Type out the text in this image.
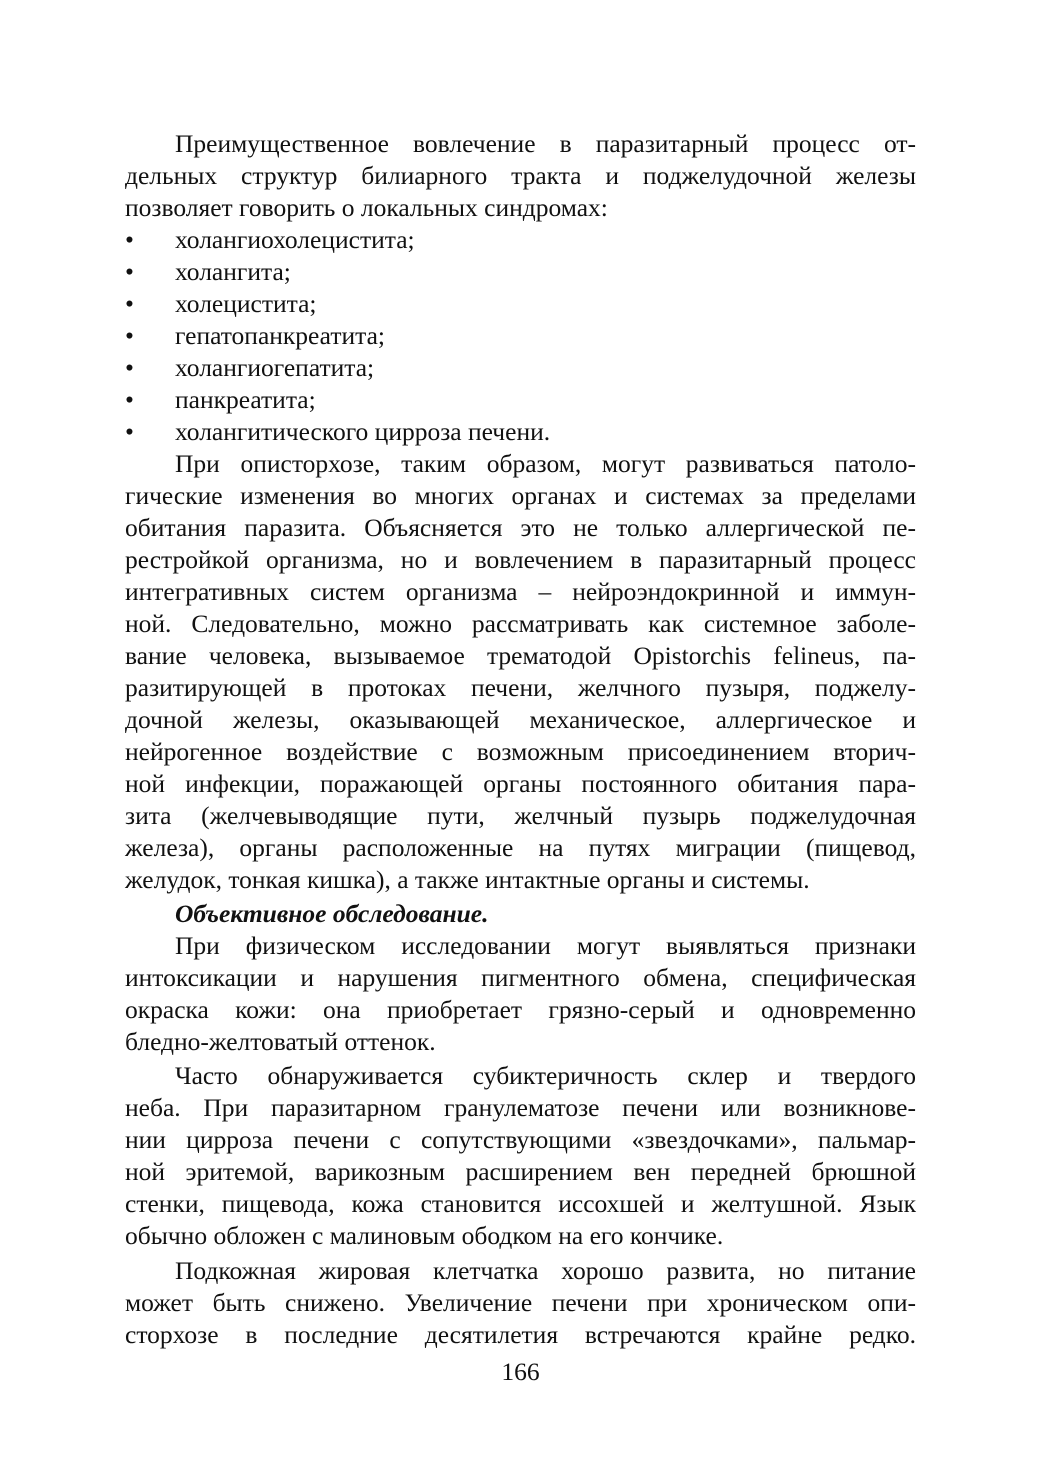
Преимущественное вовлечение в паразитарный процесс от-
дельных структур билиарного тракта и поджелудочной железы
позволяет говорить о локальных синдромах:
• холангиохолецистита;
• холангита;
• холецистита;
• гепатопанкреатита;
• холангиогепатита;
• панкреатита;
• холангитического цирроза печени.
При описторхозе, таким образом, могут развиваться патоло-
гические изменения во многих органах и системах за пределами
обитания паразита. Объясняется это не только аллергической пе-
рестройкой организма, но и вовлечением в паразитарный процесс
интегративных систем организма – нейроэндокринной и иммун-
ной. Следовательно, можно рассматривать как системное заболе-
вание человека, вызываемое трематодой Opistorchis felineus, па-
разитирующей в протоках печени, желчного пузыря, поджелу-
дочной железы, оказывающей механическое, аллергическое и
нейрогенное воздействие с возможным присоединением вторич-
ной инфекции, поражающей органы постоянного обитания пара-
зита (желчевыводящие пути, желчный пузырь поджелудочная
железа), органы расположенные на путях миграции (пищевод,
желудок, тонкая кишка), а также интактные органы и системы.
Объективное обследование.
При физическом исследовании могут выявляться признаки
интоксикации и нарушения пигментного обмена, специфическая
окраска кожи: она приобретает грязно-серый и одновременно
бледно-желтоватый оттенок.
Часто обнаруживается субиктеричность склер и твердого
неба. При паразитарном гранулематозе печени или возникнове-
нии цирроза печени с сопутствующими «звездочками», пальмар-
ной эритемой, варикозным расширением вен передней брюшной
стенки, пищевода, кожа становится иссохшей и желтушной. Язык
обычно обложен с малиновым ободком на его кончике.
Подкожная жировая клетчатка хорошо развита, но питание
может быть снижено. Увеличение печени при хроническом опи-
сторхозе в последние десятилетия встречаются крайне редко.
166
